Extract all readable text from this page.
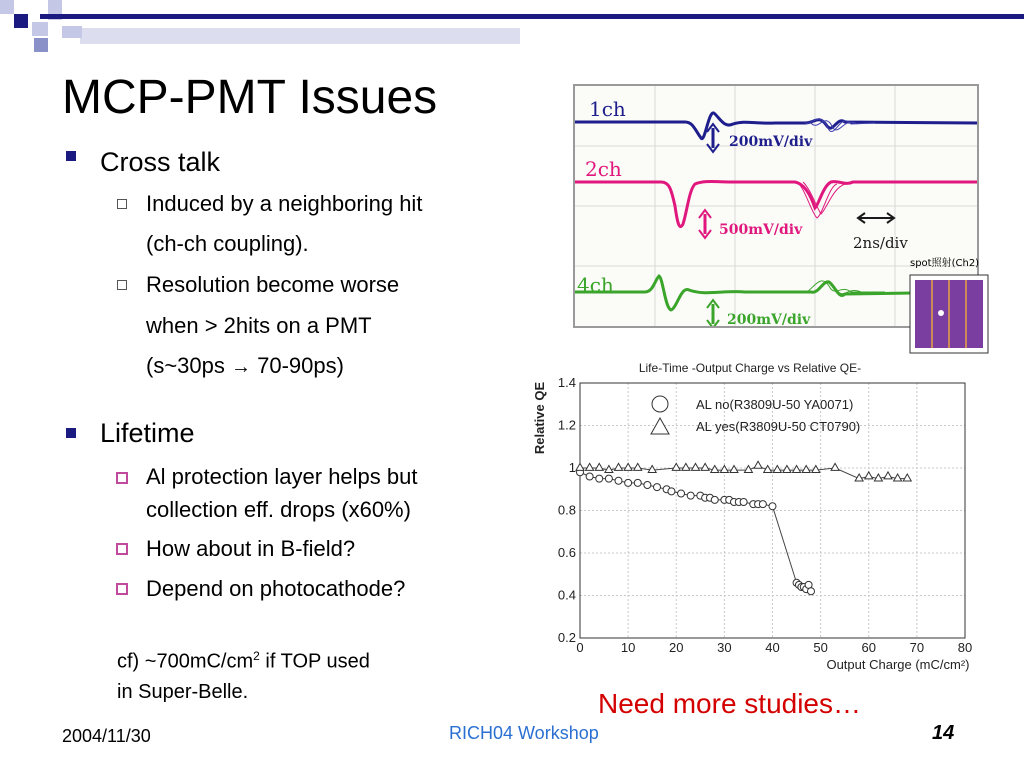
MCP-PMT Issues
Cross talk
Induced by a neighboring hit
(ch-ch coupling).
Resolution become worse
when > 2hits on a PMT
(s~30ps → 70-90ps)
Lifetime
Al protection layer helps but
collection eff. drops (x60%)
How about in B-field?
Depend on photocathode?
cf) $\sim 700mC/cm^2$ if TOP used
in Super-Belle.
1ch
200mV/div
2ch
500mV/div
2ns/div
4ch
200mV/div
spot照射(Ch2)
Life-Time -Output Charge vs Relative QE-
Relative QE
Output Charge (mC/cm²)
0	10	20	30	40	50	60	70	80
0.2
0.4
0.6
0.8
1
1.2
1.4
AL no(R3809U-50 YA0071)
AL yes(R3809U-50 CT0790)
Need more studies…
2004/11/30	RICH04 Workshop	14
